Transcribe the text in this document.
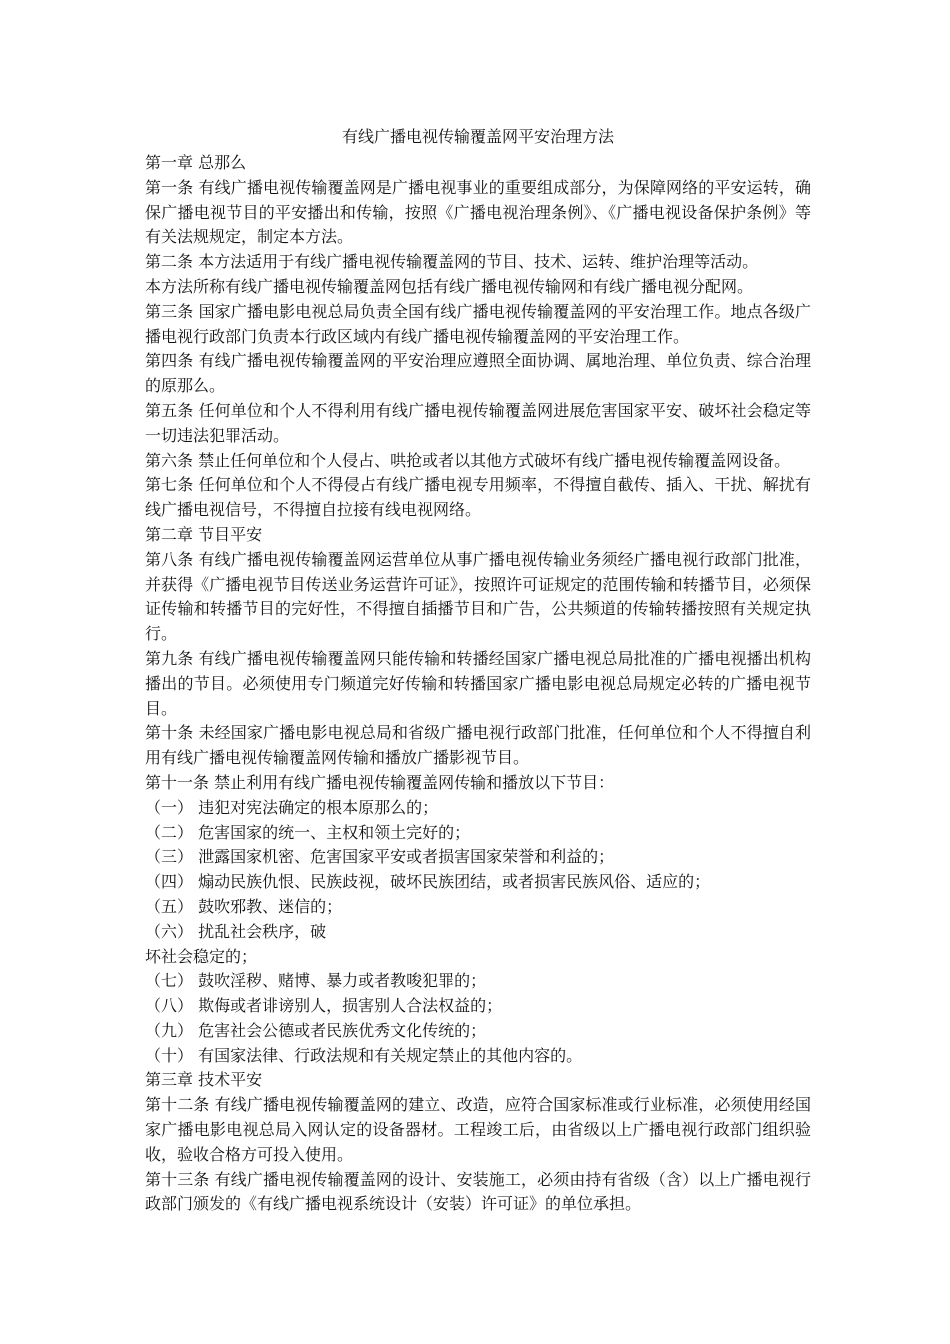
有线广播电视传输覆盖网平安治理方法

第一章 总那么

第一条 有线广播电视传输覆盖网是广播电视事业的重要组成部分，为保障网络的平安运转，确保广播电视节目的平安播出和传输，按照《广播电视治理条例》、《广播电视设备保护条例》等有关法规规定，制定本方法。

第二条 本方法适用于有线广播电视传输覆盖网的节目、技术、运转、维护治理等活动。

本方法所称有线广播电视传输覆盖网包括有线广播电视传输网和有线广播电视分配网。

第三条 国家广播电影电视总局负责全国有线广播电视传输覆盖网的平安治理工作。地点各级广播电视行政部门负责本行政区域内有线广播电视传输覆盖网的平安治理工作。

第四条 有线广播电视传输覆盖网的平安治理应遵照全面协调、属地治理、单位负责、综合治理的原那么。

第五条 任何单位和个人不得利用有线广播电视传输覆盖网进展危害国家平安、破坏社会稳定等一切违法犯罪活动。

第六条 禁止任何单位和个人侵占、哄抢或者以其他方式破坏有线广播电视传输覆盖网设备。

第七条 任何单位和个人不得侵占有线广播电视专用频率，不得擅自截传、插入、干扰、解扰有线广播电视信号，不得擅自拉接有线电视网络。

第二章 节目平安

第八条 有线广播电视传输覆盖网运营单位从事广播电视传输业务须经广播电视行政部门批准，并获得《广播电视节目传送业务运营许可证》，按照许可证规定的范围传输和转播节目，必须保证传输和转播节目的完好性，不得擅自插播节目和广告，公共频道的传输转播按照有关规定执行。

第九条 有线广播电视传输覆盖网只能传输和转播经国家广播电视总局批准的广播电视播出机构播出的节目。必须使用专门频道完好传输和转播国家广播电影电视总局规定必转的广播电视节目。

第十条 未经国家广播电影电视总局和省级广播电视行政部门批准，任何单位和个人不得擅自利用有线广播电视传输覆盖网传输和播放广播影视节目。

第十一条 禁止利用有线广播电视传输覆盖网传输和播放以下节目：

（一） 违犯对宪法确定的根本原那么的；

（二） 危害国家的统一、主权和领土完好的；

（三） 泄露国家机密、危害国家平安或者损害国家荣誉和利益的；

（四） 煽动民族仇恨、民族歧视，破坏民族团结，或者损害民族风俗、适应的；

（五） 鼓吹邪教、迷信的；

（六） 扰乱社会秩序，破

坏社会稳定的；

（七） 鼓吹淫秽、赌博、暴力或者教唆犯罪的；

（八） 欺侮或者诽谤别人，损害别人合法权益的；

（九） 危害社会公德或者民族优秀文化传统的；

（十） 有国家法律、行政法规和有关规定禁止的其他内容的。

第三章 技术平安

第十二条 有线广播电视传输覆盖网的建立、改造，应符合国家标准或行业标准，必须使用经国家广播电影电视总局入网认定的设备器材。工程竣工后，由省级以上广播电视行政部门组织验收，验收合格方可投入使用。

第十三条 有线广播电视传输覆盖网的设计、安装施工，必须由持有省级（含）以上广播电视行政部门颁发的《有线广播电视系统设计（安装）许可证》的单位承担。
